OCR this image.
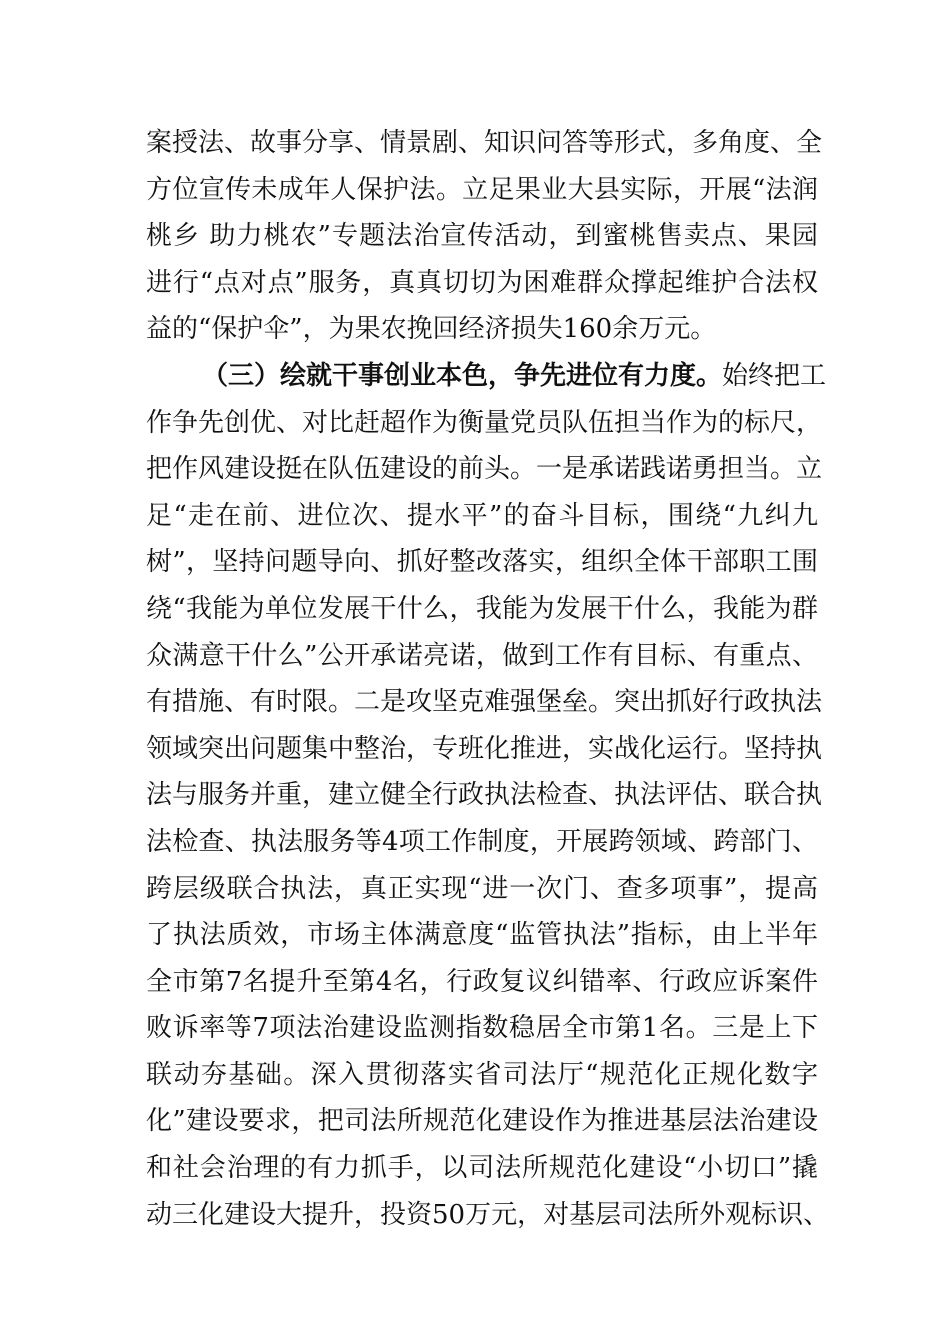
案授法、故事分享、情景剧、知识问答等形式，多角度、全
方位宣传未成年人保护法。立足果业大县实际，开展“法润
桃乡 助力桃农”专题法治宣传活动，到蜜桃售卖点、果园
进行“点对点”服务，真真切切为困难群众撑起维护合法权
益的“保护伞”，为果农挽回经济损失160余万元。
（三）绘就干事创业本色，争先进位有力度。始终把工
作争先创优、对比赶超作为衡量党员队伍担当作为的标尺，
把作风建设挺在队伍建设的前头。一是承诺践诺勇担当。立
足“走在前、进位次、提水平”的奋斗目标，围绕“九纠九
树”，坚持问题导向、抓好整改落实，组织全体干部职工围
绕“我能为单位发展干什么，我能为发展干什么，我能为群
众满意干什么”公开承诺亮诺，做到工作有目标、有重点、
有措施、有时限。二是攻坚克难强堡垒。突出抓好行政执法
领域突出问题集中整治，专班化推进，实战化运行。坚持执
法与服务并重，建立健全行政执法检查、执法评估、联合执
法检查、执法服务等4项工作制度，开展跨领域、跨部门、
跨层级联合执法，真正实现“进一次门、查多项事”，提高
了执法质效，市场主体满意度“监管执法”指标，由上半年
全市第7名提升至第4名，行政复议纠错率、行政应诉案件
败诉率等7项法治建设监测指数稳居全市第1名。三是上下
联动夯基础。深入贯彻落实省司法厅“规范化正规化数字
化”建设要求，把司法所规范化建设作为推进基层法治建设
和社会治理的有力抓手，以司法所规范化建设“小切口”撬
动三化建设大提升，投资50万元，对基层司法所外观标识、
